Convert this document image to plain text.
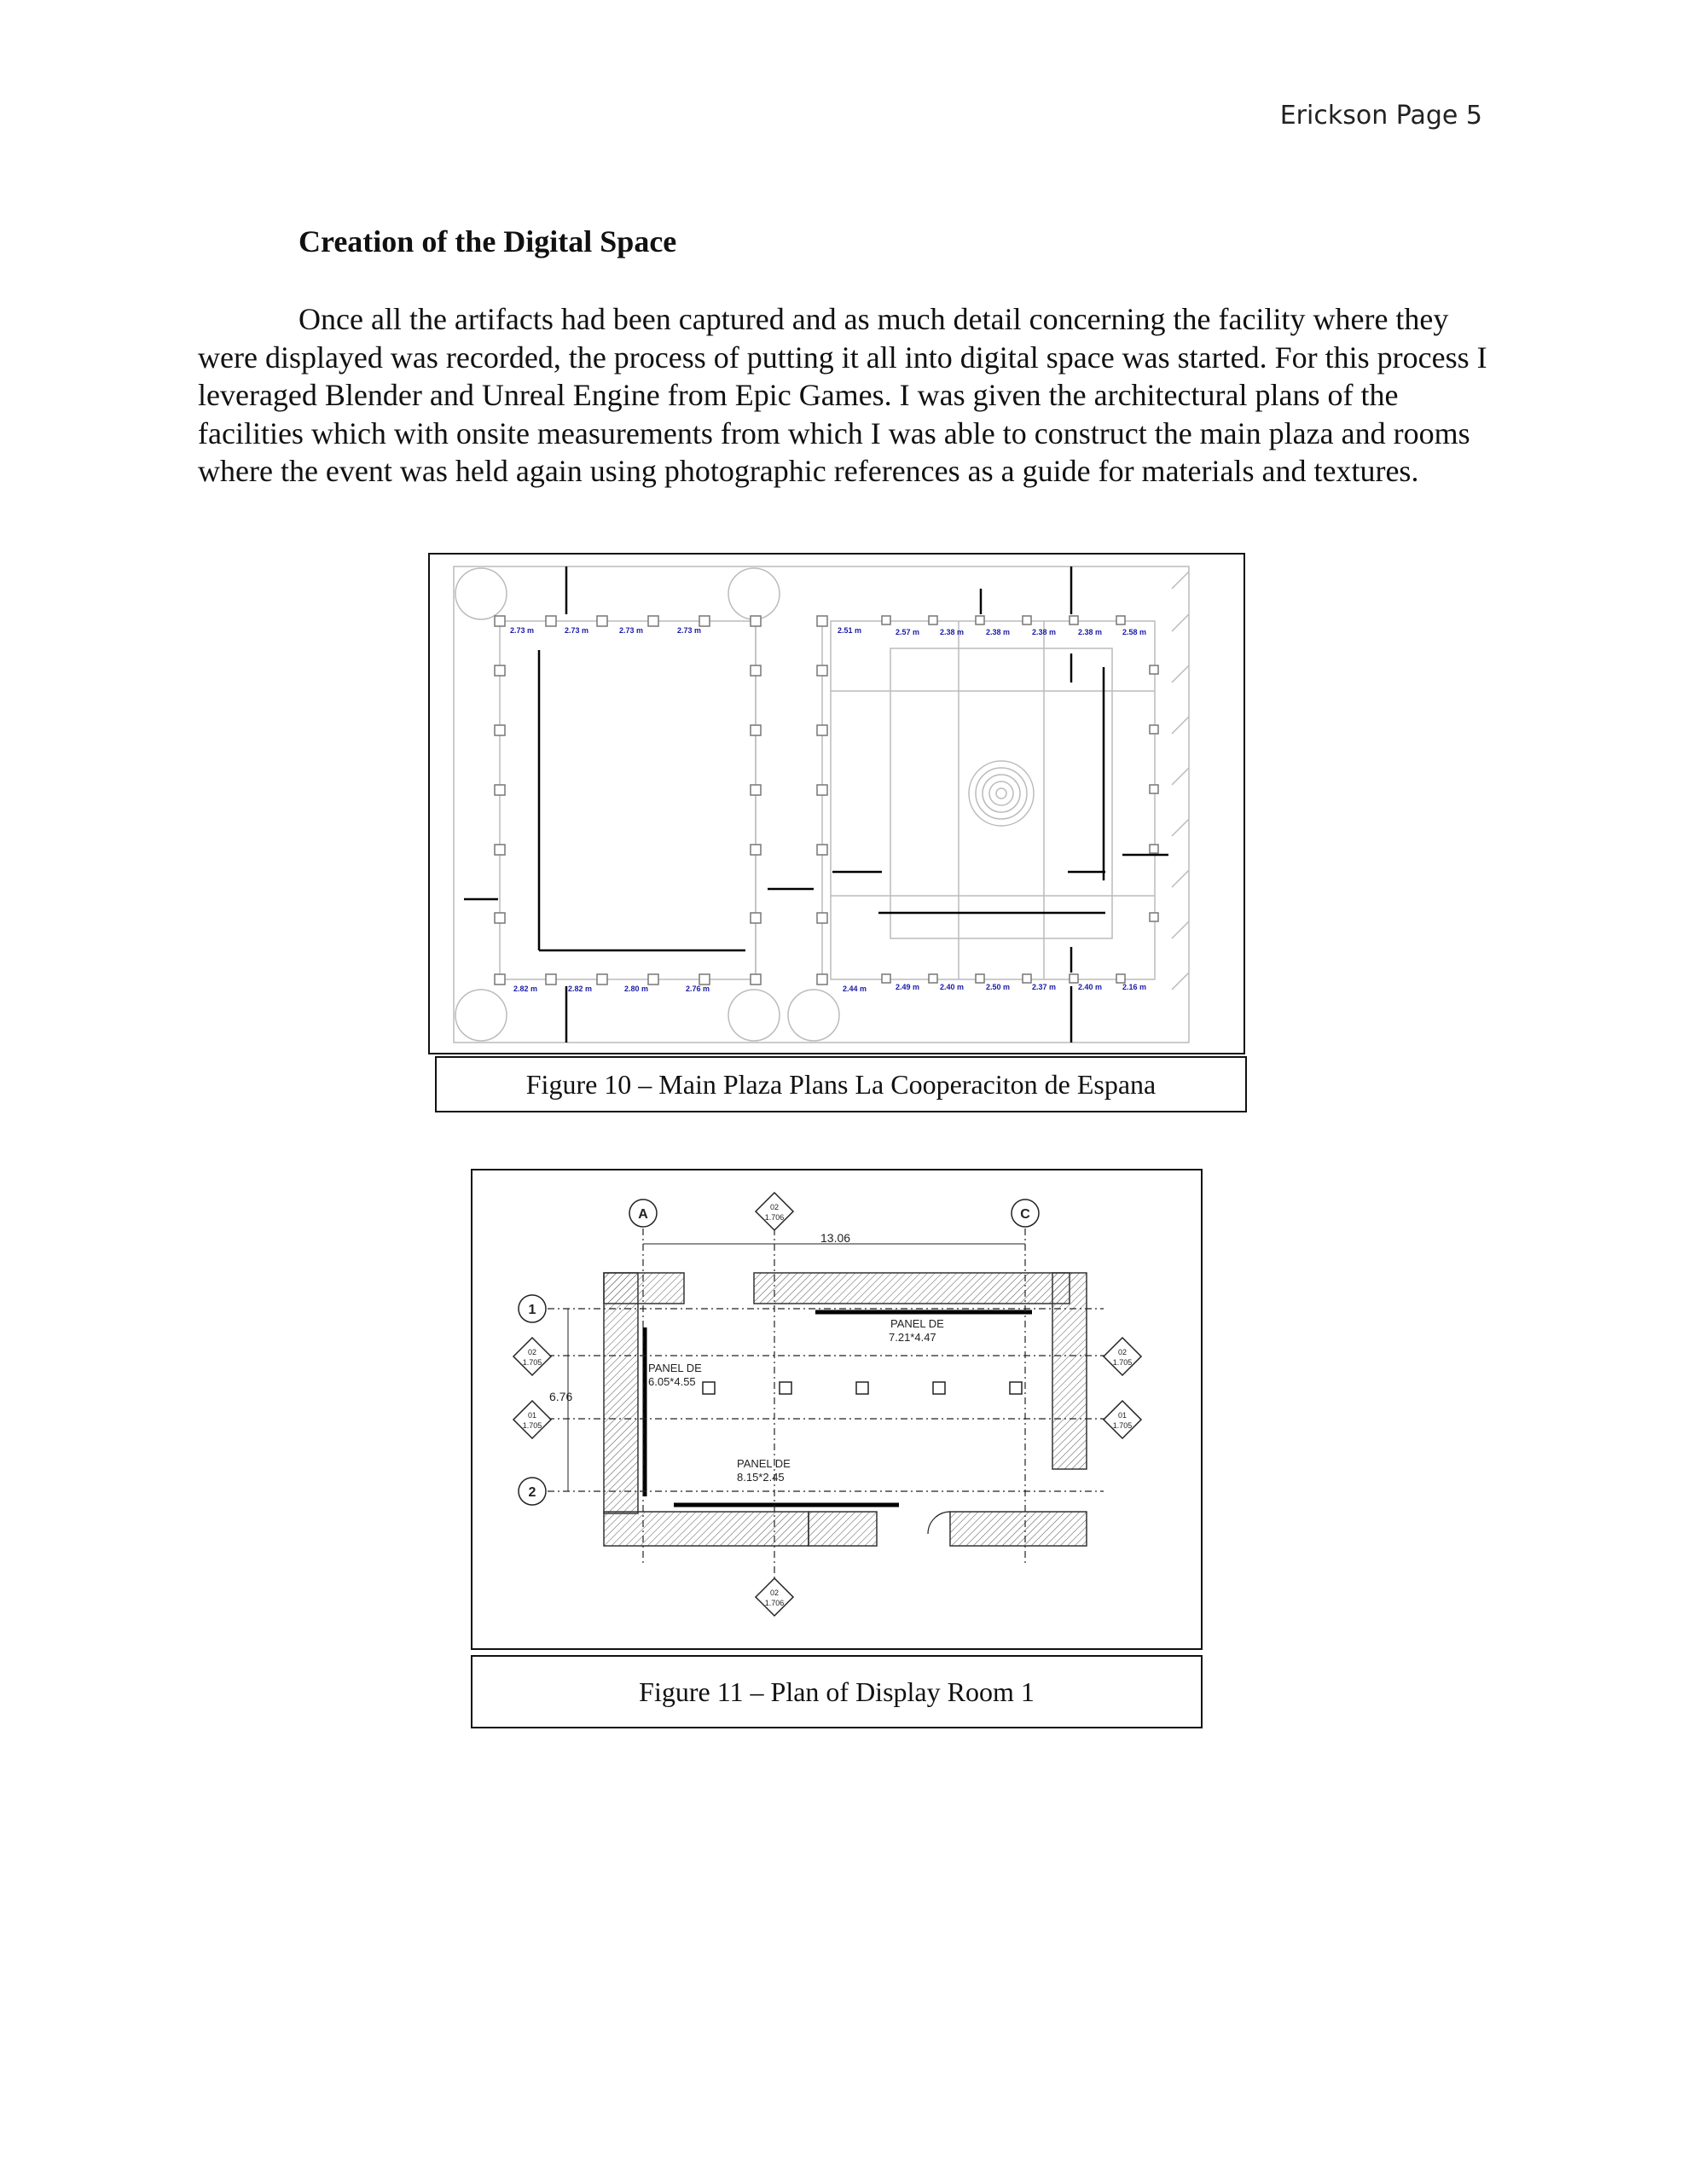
Erickson Page 5
Creation of the Digital Space

Once all the artifacts had been captured and as much detail concerning the facility where they were displayed was recorded, the process of putting it all into digital space was started. For this process I leveraged Blender and Unreal Engine from Epic Games. I was given the architectural plans of the facilities which with onsite measurements from which I was able to construct the main plaza and rooms where the event was held again using photographic references as a guide for materials and textures.

2.73 m	2.73 m	2.73 m	2.73 m	2.51 m	2.57 m	2.38 m	2.38 m	2.38 m	2.38 m	2.58 m
2.82 m	2.82 m	2.80 m	2.76 m	2.44 m	2.49 m	2.40 m	2.50 m	2.37 m	2.40 m	2.16 m
Figure 10 – Main Plaza Plans La Cooperaciton de Espana
13.06
6.76
A	C
1
2
02
1.706
02
1.705
01
1.705
02
1.705
01
1.705
02
1.706
PANEL DE
7.21*4.47
PANEL DE
6.05*4.55
PANEL DE
8.15*2.45
Figure 11 – Plan of Display Room 1
